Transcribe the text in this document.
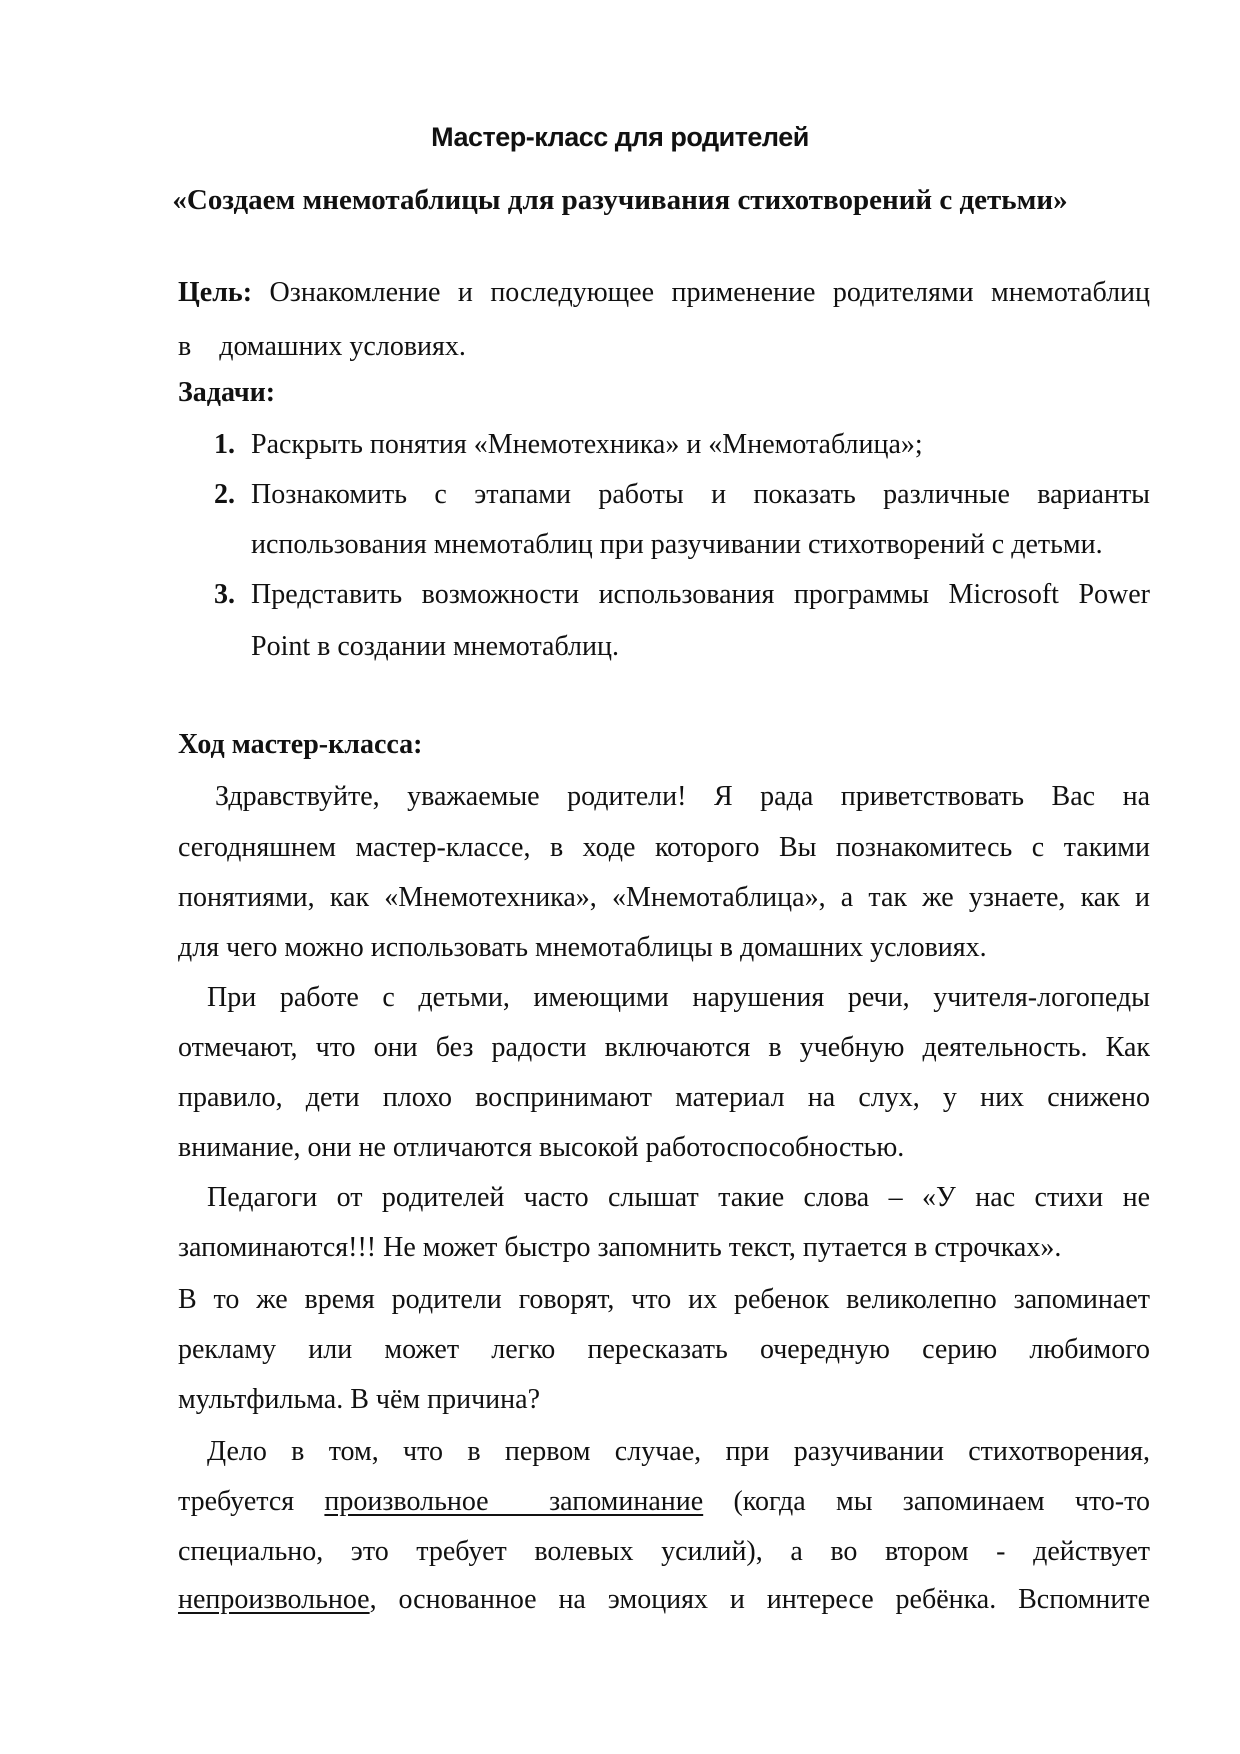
Мастер-класс для родителей
«Создаем мнемотаблицы для разучивания стихотворений с детьми»
Цель: Ознакомление и последующее применение родителями мнемотаблиц
в    домашних условиях.
Задачи:
1. Раскрыть понятия «Мнемотехника» и «Мнемотаблица»;
2. Познакомить с этапами работы и показать различные варианты
использования мнемотаблиц при разучивании стихотворений с детьми.
3. Представить возможности использования программы Microsoft Power
Point в создании мнемотаблиц.
Ход мастер-класса:
Здравствуйте, уважаемые родители! Я рада приветствовать Вас на
сегодняшнем мастер-классе, в ходе которого Вы познакомитесь с такими
понятиями, как «Мнемотехника», «Мнемотаблица», а так же узнаете, как и
для чего можно использовать мнемотаблицы в домашних условиях.
При работе с детьми, имеющими нарушения речи, учителя-логопеды
отмечают, что они без радости включаются в учебную деятельность. Как
правило, дети плохо воспринимают материал на слух, у них снижено
внимание, они не отличаются высокой работоспособностью.
Педагоги от родителей часто слышат такие слова – «У нас стихи не
запоминаются!!! Не может быстро запомнить текст, путается в строчках».
В то же время родители говорят, что их ребенок великолепно запоминает
рекламу или может легко пересказать очередную серию любимого
мультфильма. В чём причина?
Дело в том, что в первом случае, при разучивании стихотворения,
требуется произвольное  запоминание (когда мы запоминаем что-то
специально, это требует волевых усилий), а во втором - действует
непроизвольное, основанное на эмоциях и интересе ребёнка. Вспомните
